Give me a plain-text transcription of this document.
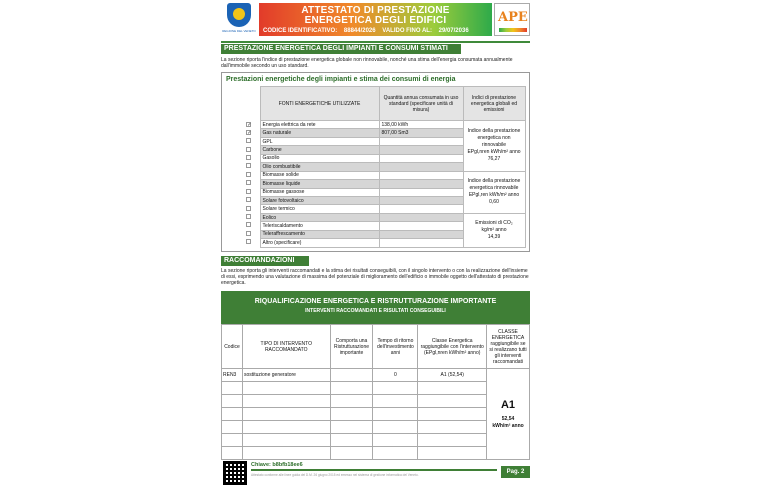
REGIONE DEL VENETO
ATTESTATO DI PRESTAZIONE
ENERGETICA DEGLI EDIFICI
CODICE IDENTIFICATIVO: 88844/2026 VALIDO FINO AL: 29/07/2036
APE
PRESTAZIONE ENERGETICA DEGLI IMPIANTI E CONSUMI STIMATI
La sezione riporta l'indice di prestazione energetica globale non rinnovabile, nonché una stima dell'energia consumata annualmente dall'immobile secondo un uso standard.
Prestazioni energetiche degli impianti e stima dei consumi di energia
	FONTI ENERGETICHE UTILIZZATE	Quantità annua consumata in uso standard (specificare unità di misura)	Indici di prestazione energetica globali ed emissioni
✓	Energia elettrica da rete	138,00 kWh	Indice della prestazione energetica non rinnovabile
EPgl,nren kWh/m² anno
76,27

✓	Gas naturale	807,00 Sm3	
	GPL		
	Carbone		
	Gasolio		
	Olio combustibile		
	Biomasse solide		Indice della prestazione energetica rinnovabile
EPgl,ren kWh/m² anno
0,60

	Biomasse liquide		
	Biomasse gassose		
	Solare fotovoltaico		
	Solare termico		
	Eolico		Emissioni di CO₂
kg/m² anno
14,39

	Teleriscaldamento		
	Teleraffrescamento		
	Altro (specificare)		
RACCOMANDAZIONI
La sezione riporta gli interventi raccomandati e la stima dei risultati conseguibili, con il singolo intervento o con la realizzazione dell'insieme di essi, esprimendo una valutazione di massima del potenziale di miglioramento dell'edificio o immobile oggetto dell'attestato di prestazione energetica.
RIQUALIFICAZIONE ENERGETICA E RISTRUTTURAZIONE IMPORTANTE
INTERVENTI RACCOMANDATI E RISULTATI CONSEGUIBILI
Codice	TIPO DI INTERVENTO RACCOMANDATO	Comporta una Ristrutturazione importante	Tempo di ritorno dell'investimento anni	Classe Energetica raggiungibile con l'intervento (EPgl,nren kWh/m² anno)	CLASSE ENERGETICA raggiungibile se si realizzano tutti gli interventi raccomandati
REN3	sostituzione generatore		0	A1 (52,54)	A1
52,54
kWh/m² anno

Chiave: b8bfb18ee6
Attestato conforme alle linee guida del D.M. 26 giugno 2015 ed emesso nel sistema di gestione informatica del Veneto.	Pag. 2
